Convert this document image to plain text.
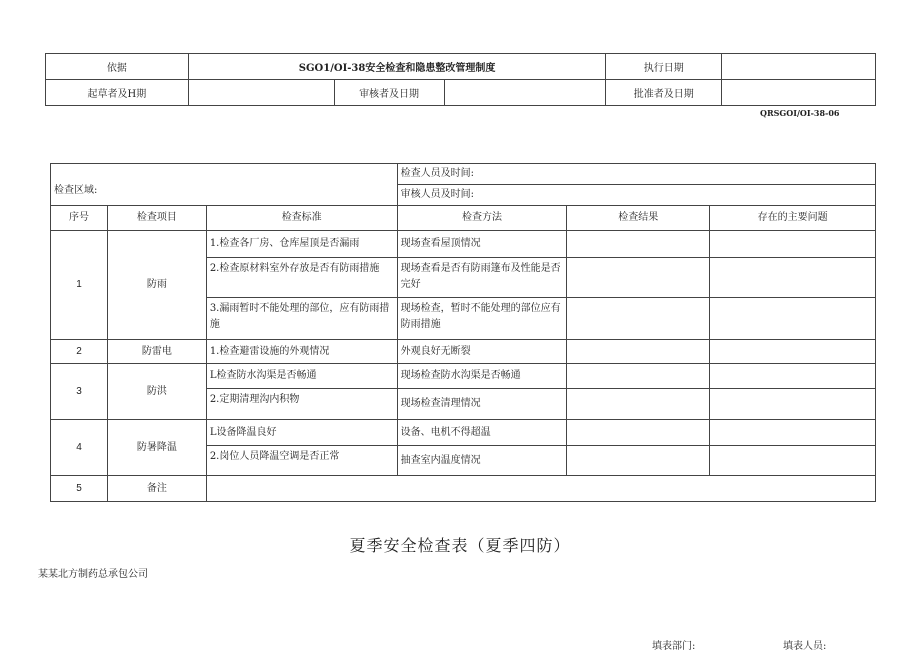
依据	SGO1/OI-38安全检查和隐患整改管理制度			执行日期	
起草者及H期		审核者及日期		批准者及日期	
QRSGOI/OI-38-06
检查区域:			检查人员及时间:
审核人员及时间:		

序号	检查项目	检查标准	检查方法	检查结果	存在的主要问题
1	防雨	1.检查各厂房、仓库屋顶是否漏雨	现场查看屋顶情况		
		2.检查原材料室外存放是否有防雨措施	现场查看是否有防雨篷布及性能是否完好		
		3.漏雨暂时不能处理的部位，应有防雨措施	现场检查，暂时不能处理的部位应有防雨措施		
2	防雷电	1.检查避雷设施的外观情况	外观良好无断裂		
3	防洪	L检查防水沟渠是否畅通	现场检查防水沟渠是否畅通		
		2.定期清理沟内积物	现场检查清理情况		
4	防暑降温	L设备降温良好	设备、电机不得超温		
		2.岗位人员降温空调是否正常	抽查室内温度情况		
5	备注				
夏季安全检查表（夏季四防）
某某北方制药总承包公司
填表部门:	填表人员:
